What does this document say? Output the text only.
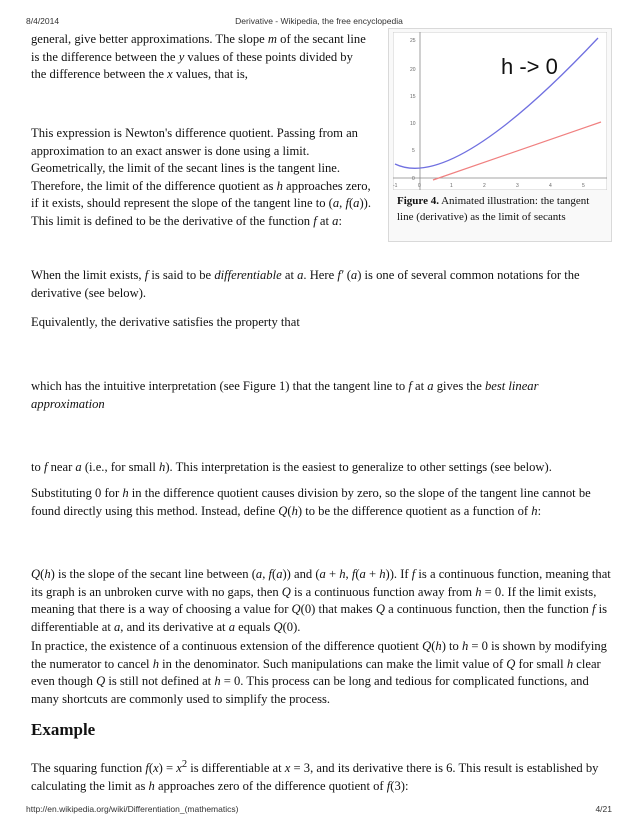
8/4/2014	Derivative - Wikipedia, the free encyclopedia

general, give better approximations. The slope m of the secant line is the difference between the y values of these points divided by the difference between the x values, that is,

This expression is Newton's difference quotient. Passing from an approximation to an exact answer is done using a limit. Geometrically, the limit of the secant lines is the tangent line. Therefore, the limit of the difference quotient as h approaches zero, if it exists, should represent the slope of the tangent line to (a, f(a)). This limit is defined to be the derivative of the function f at a:

25
20
15
10
5
0
-1	0	1	2	3	4	5
h -> 0
Figure 4. Animated illustration: the tangent line (derivative) as the limit of secants

When the limit exists, f is said to be differentiable at a. Here f′ (a) is one of several common notations for the derivative (see below).

Equivalently, the derivative satisfies the property that

which has the intuitive interpretation (see Figure 1) that the tangent line to f at a gives the best linear approximation

to f near a (i.e., for small h). This interpretation is the easiest to generalize to other settings (see below).

Substituting 0 for h in the difference quotient causes division by zero, so the slope of the tangent line cannot be found directly using this method. Instead, define Q(h) to be the difference quotient as a function of h:

Q(h) is the slope of the secant line between (a, f(a)) and (a + h, f(a + h)). If f is a continuous function, meaning that its graph is an unbroken curve with no gaps, then Q is a continuous function away from h = 0. If the limit exists, meaning that there is a way of choosing a value for Q(0) that makes Q a continuous function, then the function f is differentiable at a, and its derivative at a equals Q(0).

In practice, the existence of a continuous extension of the difference quotient Q(h) to h = 0 is shown by modifying the numerator to cancel h in the denominator. Such manipulations can make the limit value of Q for small h clear even though Q is still not defined at h = 0. This process can be long and tedious for complicated functions, and many shortcuts are commonly used to simplify the process.

Example

The squaring function $f(x) = x^2$ is differentiable at x = 3, and its derivative there is 6. This result is established by calculating the limit as h approaches zero of the difference quotient of f(3):

http://en.wikipedia.org/wiki/Differentiation_(mathematics)	4/21
